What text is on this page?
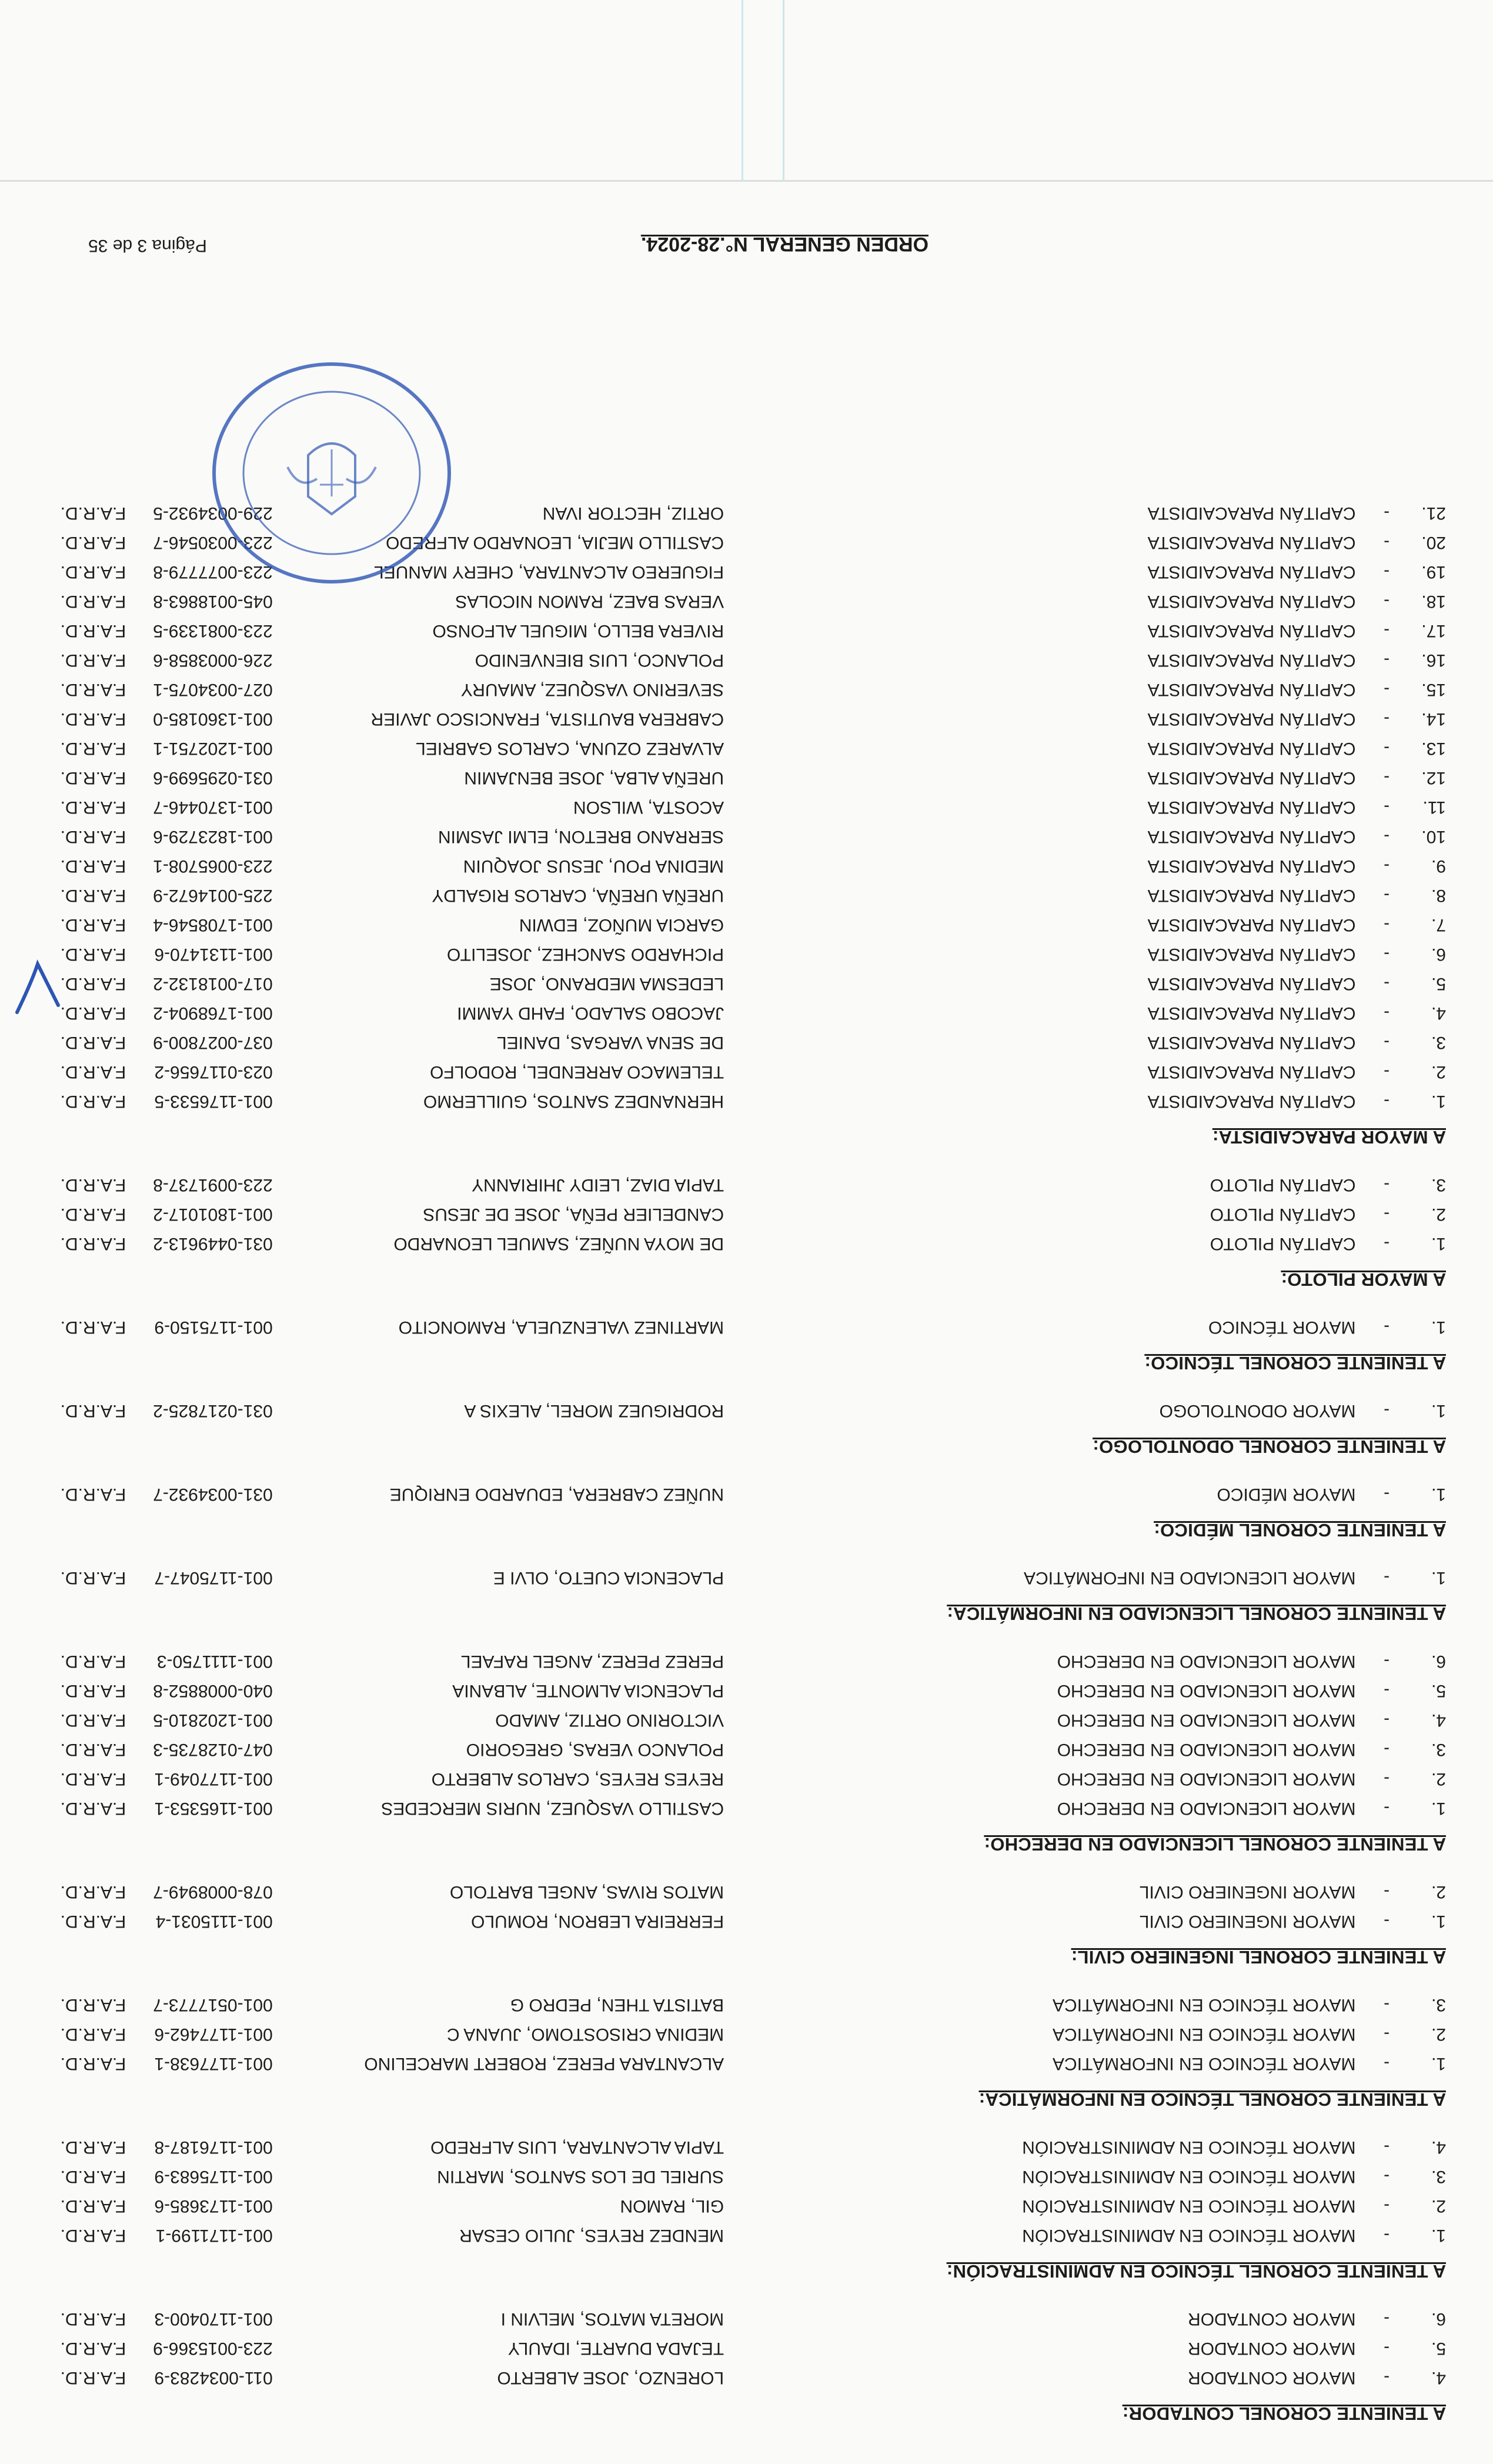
A TENIENTE CORONEL CONTADOR:
4.
-
MAYOR CONTADOR
LORENZO, JOSE ALBERTO
011-0034283-9
F.A.R.D.
5.
-
MAYOR CONTADOR
TEJADA DUARTE, IDAULY
223-0015366-9
F.A.R.D.
6.
-
MAYOR CONTADOR
MORETA MATOS, MELVIN I
001-1170400-3
F.A.R.D.
A TENIENTE CORONEL TÉCNICO EN ADMINISTRACIÓN:
1.
-
MAYOR TÉCNICO EN ADMINISTRACIÓN
MENDEZ REYES, JULIO CESAR
001-1171199-1
F.A.R.D.
2.
-
MAYOR TÉCNICO EN ADMINISTRACIÓN
GIL, RAMON
001-1173685-6
F.A.R.D.
3.
-
MAYOR TÉCNICO EN ADMINISTRACIÓN
SURIEL DE LOS SANTOS, MARTIN
001-1175683-9
F.A.R.D.
4.
-
MAYOR TÉCNICO EN ADMINISTRACIÓN
TAPIA ALCANTARA, LUIS ALFREDO
001-1176187-8
F.A.R.D.
A TENIENTE CORONEL TÉCNICO EN INFORMÁTICA:
1.
-
MAYOR TÉCNICO EN INFORMÁTICA
ALCANTARA PEREZ, ROBERT MARCELINO
001-1177638-1
F.A.R.D.
2.
-
MAYOR TÉCNICO EN INFORMÁTICA
MEDINA CRISOSTOMO, JUANA C
001-1177462-6
F.A.R.D.
3.
-
MAYOR TÉCNICO EN INFORMÁTICA
BATISTA THEN, PEDRO G
001-0517773-7
F.A.R.D.
A TENIENTE CORONEL INGENIERO CIVIL:
1.
-
MAYOR INGENIERO CIVIL
FERREIRA LEBRON, ROMULO
001-1115031-4
F.A.R.D.
2.
-
MAYOR INGENIERO CIVIL
MATOS RIVAS, ANGEL BARTOLO
078-0008949-7
F.A.R.D.
A TENIENTE CORONEL LICENCIADO EN DERECHO:
1.
-
MAYOR LICENCIADO EN DERECHO
CASTILLO VASQUEZ, NURIS MERCEDES
001-1165353-1
F.A.R.D.
2.
-
MAYOR LICENCIADO EN DERECHO
REYES REYES, CARLOS ALBERTO
001-1177049-1
F.A.R.D.
3.
-
MAYOR LICENCIADO EN DERECHO
POLANCO VERAS, GREGORIO
047-0128735-3
F.A.R.D.
4.
-
MAYOR LICENCIADO EN DERECHO
VICTORINO ORTIZ, AMADO
001-1202810-5
F.A.R.D.
5.
-
MAYOR LICENCIADO EN DERECHO
PLACENCIA ALMONTE, ALBANIA
040-0008852-8
F.A.R.D.
6.
-
MAYOR LICENCIADO EN DERECHO
PEREZ PEREZ, ANGEL RAFAEL
001-1111750-3
F.A.R.D.
A TENIENTE CORONEL LICENCIADO EN INFORMÁTICA:
1.
-
MAYOR LICENCIADO EN INFORMÁTICA
PLACENCIA CUETO, OLVI E
001-1175047-7
F.A.R.D.
A TENIENTE CORONEL MÉDICO:
1.
-
MAYOR MÉDICO
NUÑEZ CABRERA, EDUARDO ENRIQUE
031-0034932-7
F.A.R.D.
A TENIENTE CORONEL ODONTOLOGO:
1.
-
MAYOR ODONTOLOGO
RODRIGUEZ MOREL, ALEXIS A
031-0217825-2
F.A.R.D.
A TENIENTE CORONEL TÉCNICO:
1.
-
MAYOR TÉCNICO
MARTINEZ VALENZUELA, RAMONCITO
001-1175150-9
F.A.R.D.
A MAYOR PILOTO:
1.
-
CAPITÁN PILOTO
DE MOYA NUÑEZ, SAMUEL LEONARDO
031-0449613-2
F.A.R.D.
2.
-
CAPITÁN PILOTO
CANDELIER PEÑA, JOSE DE JESUS
001-1801017-2
F.A.R.D.
3.
-
CAPITÁN PILOTO
TAPIA DIAZ, LEIDY JHIRIANNY
223-0091737-8
F.A.R.D.
A MAYOR PARACAIDISTA:
1.
-
CAPITÁN PARACAIDISTA
HERNANDEZ SANTOS, GUILLERMO
001-1176533-5
F.A.R.D.
2.
-
CAPITÁN PARACAIDISTA
TELEMACO ARRENDEL, RODOLFO
023-0117656-2
F.A.R.D.
3.
-
CAPITÁN PARACAIDISTA
DE SENA VARGAS, DANIEL
037-0027800-9
F.A.R.D.
4.
-
CAPITÁN PARACAIDISTA
JACOBO SALADO, FAHD YAMMI
001-1768904-2
F.A.R.D.
5.
-
CAPITÁN PARACAIDISTA
LEDESMA MEDRANO, JOSE
017-0018132-2
F.A.R.D.
6.
-
CAPITÁN PARACAIDISTA
PICHARDO SANCHEZ, JOSELITO
001-1131470-6
F.A.R.D.
7.
-
CAPITÁN PARACAIDISTA
GARCIA MUÑOZ, EDWIN
001-1708546-4
F.A.R.D.
8.
-
CAPITÁN PARACAIDISTA
UREÑA UREÑA, CARLOS RIGALDY
225-0014672-9
F.A.R.D.
9.
-
CAPITÁN PARACAIDISTA
MEDINA POU, JESUS JOAQUIN
223-0065708-1
F.A.R.D.
10.
-
CAPITÁN PARACAIDISTA
SERRANO BRETON, ELMI JASMIN
001-1823729-6
F.A.R.D.
11.
-
CAPITÁN PARACAIDISTA
ACOSTA, WILSON
001-1370446-7
F.A.R.D.
12.
-
CAPITÁN PARACAIDISTA
UREÑA ALBA, JOSE BENJAMIN
031-0295699-6
F.A.R.D.
13.
-
CAPITÁN PARACAIDISTA
ALVAREZ OZUNA, CARLOS GABRIEL
001-1202751-1
F.A.R.D.
14.
-
CAPITÁN PARACAIDISTA
CABRERA BAUTISTA, FRANCISCO JAVIER
001-1360185-0
F.A.R.D.
15.
-
CAPITÁN PARACAIDISTA
SEVERINO VASQUEZ, AMAURY
027-0034075-1
F.A.R.D.
16.
-
CAPITÁN PARACAIDISTA
POLANCO, LUIS BIENVENIDO
226-0003858-6
F.A.R.D.
17.
-
CAPITÁN PARACAIDISTA
RIVERA BELLO, MIGUEL ALFONSO
223-0081339-5
F.A.R.D.
18.
-
CAPITÁN PARACAIDISTA
VERAS BAEZ, RAMON NICOLAS
045-0018863-8
F.A.R.D.
19.
-
CAPITÁN PARACAIDISTA
FIGUEREO ALCANTARA, CHERY MANUEL
223-0077779-8
F.A.R.D.
20.
-
CAPITÁN PARACAIDISTA
CASTILLO MEJIA, LEONARDO ALFREDO
223-0030546-7
F.A.R.D.
21.
-
CAPITÁN PARACAIDISTA
ORTIZ, HECTOR IVAN
229-0034932-5
F.A.R.D.
ORDEN GENERAL N°.28-2024.
Página 3 de 35
